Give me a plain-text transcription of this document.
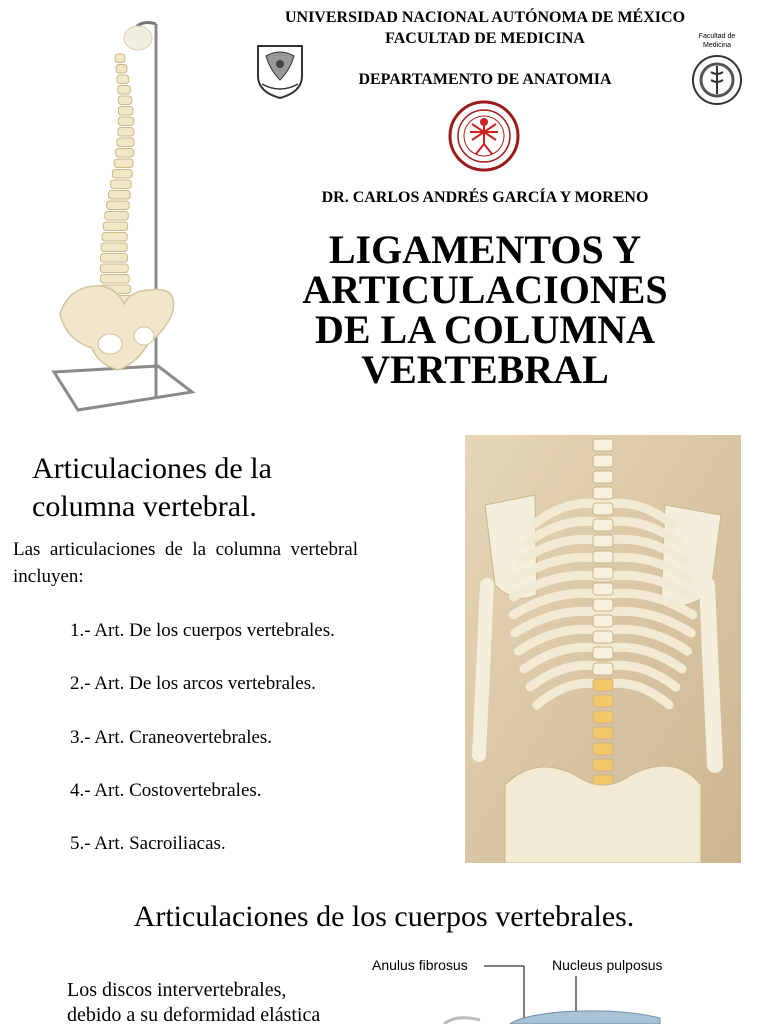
UNIVERSIDAD NACIONAL AUTÓNOMA DE MÉXICO
FACULTAD DE MEDICINA
DEPARTAMENTO DE ANATOMIA
Facultad de Medicina
DR. CARLOS ANDRÉS GARCÍA Y MORENO
LIGAMENTOS Y
ARTICULACIONES
DE LA COLUMNA
VERTEBRAL
Articulaciones de la
columna vertebral.
Las  articulaciones  de  la  columna  vertebral
incluyen:
1.- Art. De los cuerpos vertebrales.
2.- Art. De los arcos vertebrales.
3.- Art. Craneovertebrales.
4.- Art. Costovertebrales.
5.- Art. Sacroiliacas.
Articulaciones de los cuerpos vertebrales.
Los discos intervertebrales,
debido a su deformidad elástica
Anulus fibrosus	Nucleus pulposus
